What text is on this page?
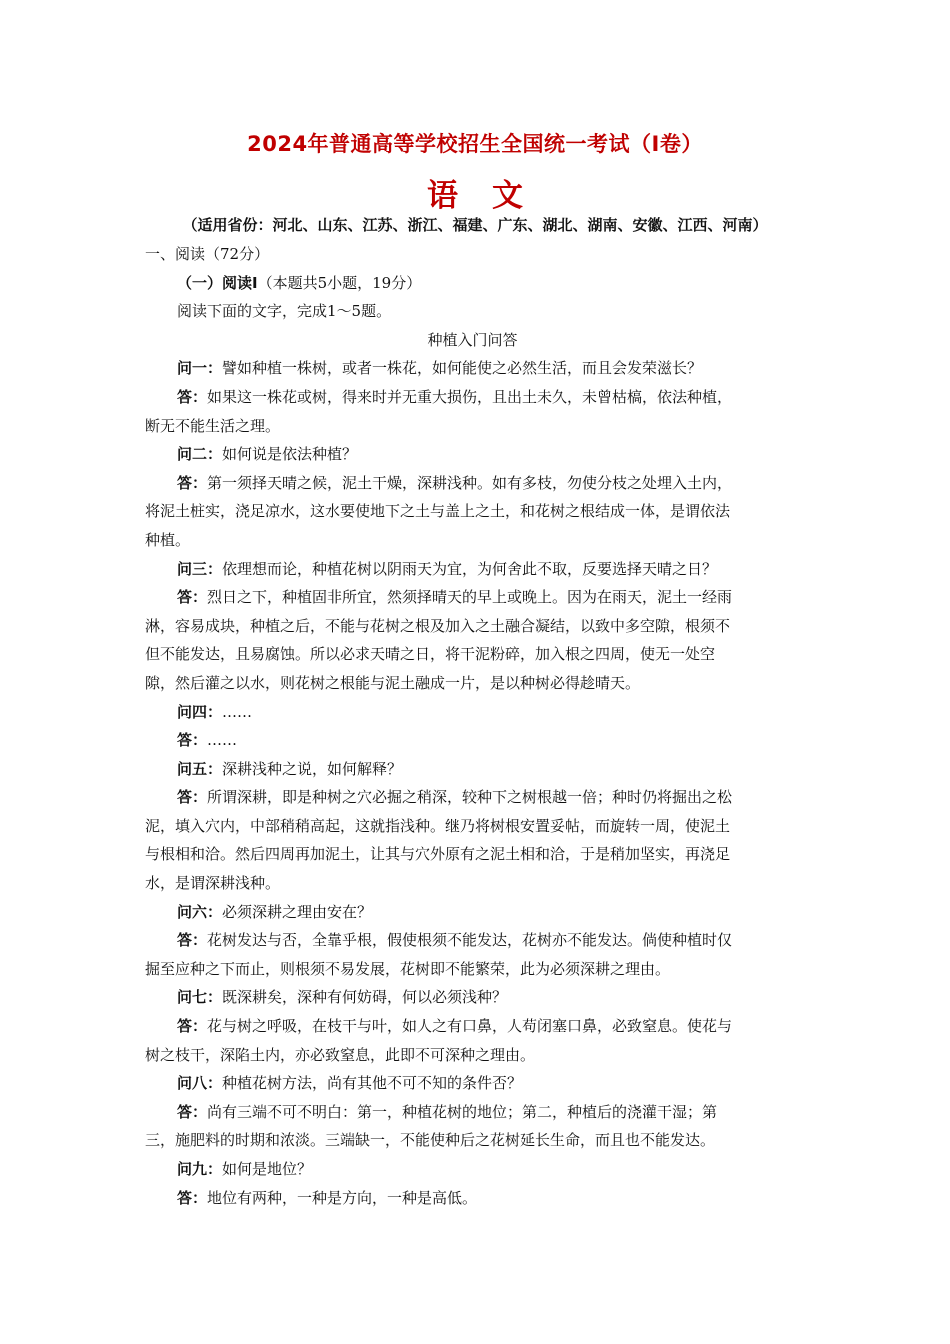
2024年普通高等学校招生全国统一考试（Ⅰ卷）
语文
（适用省份：河北、山东、江苏、浙江、福建、广东、湖北、湖南、安徽、江西、河南）
一、阅读（72分）
（一）阅读Ⅰ（本题共5小题，19分）
阅读下面的文字，完成1～5题。
种植入门问答
问一：譬如种植一株树，或者一株花，如何能使之必然生活，而且会发荣滋长？
答：如果这一株花或树，得来时并无重大损伤，且出土未久，未曾枯槁，依法种植，
断无不能生活之理。
问二：如何说是依法种植？
答：第一须择天晴之候，泥土干燥，深耕浅种。如有多枝，勿使分枝之处埋入土内，
将泥土桩实，浇足凉水，这水要使地下之土与盖上之土，和花树之根结成一体，是谓依法
种植。
问三：依理想而论，种植花树以阴雨天为宜，为何舍此不取，反要选择天晴之日？
答：烈日之下，种植固非所宜，然须择晴天的早上或晚上。因为在雨天，泥土一经雨
淋，容易成块，种植之后，不能与花树之根及加入之土融合凝结，以致中多空隙，根须不
但不能发达，且易腐蚀。所以必求天晴之日，将干泥粉碎，加入根之四周，使无一处空
隙，然后灌之以水，则花树之根能与泥土融成一片，是以种树必得趁晴天。
问四：……
答：……
问五：深耕浅种之说，如何解释？
答：所谓深耕，即是种树之穴必掘之稍深，较种下之树根越一倍；种时仍将掘出之松
泥，填入穴内，中部稍稍高起，这就指浅种。继乃将树根安置妥帖，而旋转一周，使泥土
与根相和洽。然后四周再加泥土，让其与穴外原有之泥土相和洽，于是稍加坚实，再浇足
水，是谓深耕浅种。
问六：必须深耕之理由安在？
答：花树发达与否，全靠乎根，假使根须不能发达，花树亦不能发达。倘使种植时仅
掘至应种之下而止，则根须不易发展，花树即不能繁荣，此为必须深耕之理由。
问七：既深耕矣，深种有何妨碍，何以必须浅种？
答：花与树之呼吸，在枝干与叶，如人之有口鼻，人苟闭塞口鼻，必致窒息。使花与
树之枝干，深陷土内，亦必致窒息，此即不可深种之理由。
问八：种植花树方法，尚有其他不可不知的条件否？
答：尚有三端不可不明白：第一，种植花树的地位；第二，种植后的浇灌干湿；第
三，施肥料的时期和浓淡。三端缺一，不能使种后之花树延长生命，而且也不能发达。
问九：如何是地位？
答：地位有两种，一种是方向，一种是高低。
